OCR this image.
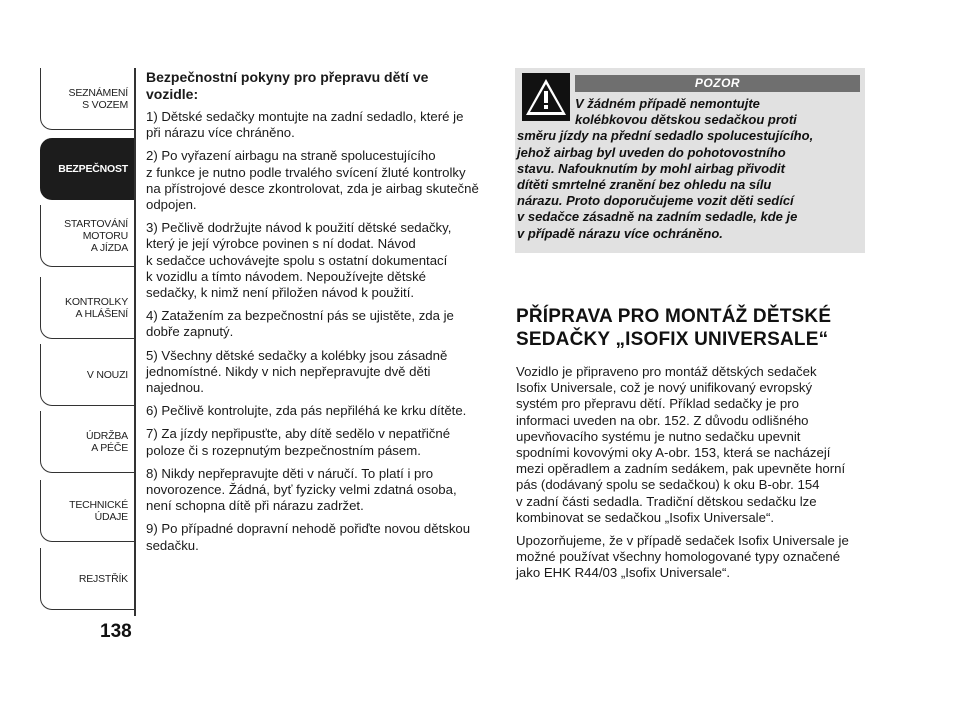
SEZNÁMENÍ
S VOZEM
BEZPEČNOST
STARTOVÁNÍ
MOTORU
A JÍZDA
KONTROLKY
A HLÁŠENÍ
V NOUZI
ÚDRŽBA
A PÉČE
TECHNICKÉ
ÚDAJE
REJSTŘÍK
138
Bezpečnostní pokyny pro přepravu dětí ve
vozidle:

1) Dětské sedačky montujte na zadní sedadlo, které je
při nárazu více chráněno.

2) Po vyřazení airbagu na straně spolucestujícího
z funkce je nutno podle trvalého svícení žluté kontrolky
na přístrojové desce zkontrolovat, zda je airbag skutečně
odpojen.

3) Pečlivě dodržujte návod k použití dětské sedačky,
který je její výrobce povinen s ní dodat. Návod
k sedačce uchovávejte spolu s ostatní dokumentací
k vozidlu a tímto návodem. Nepoužívejte dětské
sedačky, k nimž není přiložen návod k použití.

4) Zatažením za bezpečnostní pás se ujistěte, zda je
dobře zapnutý.

5) Všechny dětské sedačky a kolébky jsou zásadně
jednomístné. Nikdy v nich nepřepravujte dvě děti
najednou.

6) Pečlivě kontrolujte, zda pás nepřiléhá ke krku dítěte.

7) Za jízdy nepřipusťte, aby dítě sedělo v nepatřičné
poloze či s rozepnutým bezpečnostním pásem.

8) Nikdy nepřepravujte děti v náručí. To platí i pro
novorozence. Žádná, byť fyzicky velmi zdatná osoba,
není schopna dítě při nárazu zadržet.

9) Po případné dopravní nehodě pořiďte novou dětskou
sedačku.

POZOR
V žádném případě nemontujte
kolébkovou dětskou sedačkou proti
směru jízdy na přední sedadlo spolucestujícího,
jehož airbag byl uveden do pohotovostního
stavu. Nafouknutím by mohl airbag přivodit
dítěti smrtelné zranění bez ohledu na sílu
nárazu. Proto doporučujeme vozit děti sedící
v sedačce zásadně na zadním sedadle, kde je
v případě nárazu více ochráněno.
PŘÍPRAVA PRO MONTÁŽ DĚTSKÉ
SEDAČKY „ISOFIX UNIVERSALE“

Vozidlo je připraveno pro montáž dětských sedaček
Isofix Universale, což je nový unifikovaný evropský
systém pro přepravu dětí. Příklad sedačky je pro
informaci uveden na obr. 152. Z důvodu odlišného
upevňovacího systému je nutno sedačku upevnit
spodními kovovými oky A-obr. 153, která se nacházejí
mezi opěradlem a zadním sedákem, pak upevněte horní
pás (dodávaný spolu se sedačkou) k oku B-obr. 154
v zadní části sedadla. Tradiční dětskou sedačku lze
kombinovat se sedačkou „Isofix Universale“.

Upozorňujeme, že v případě sedaček Isofix Universale je
možné používat všechny homologované typy označené
jako EHK R44/03 „Isofix Universale“.
